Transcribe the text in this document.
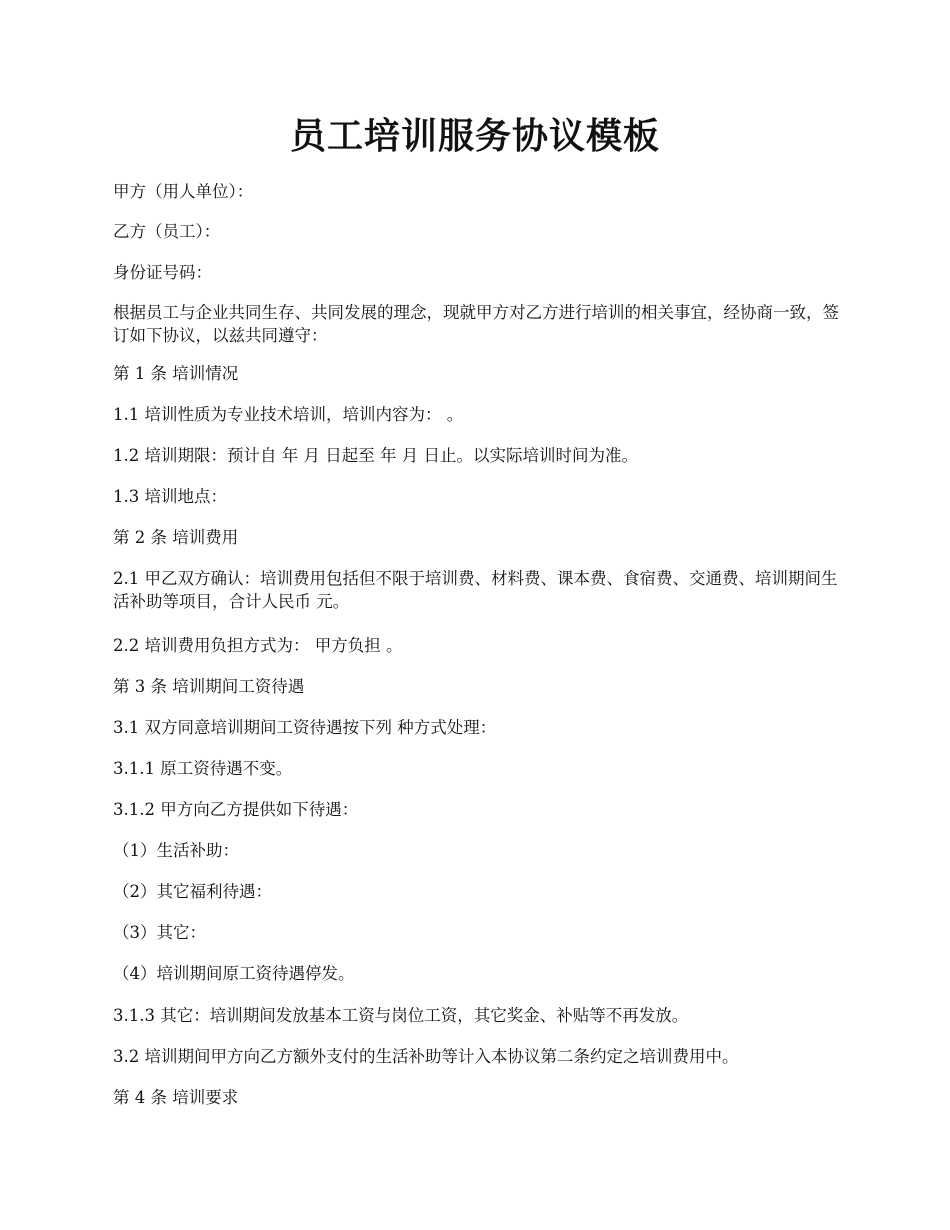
员工培训服务协议模板

甲方（用人单位）：

乙方（员工）：

身份证号码：

根据员工与企业共同生存、共同发展的理念，现就甲方对乙方进行培训的相关事宜，经协商一致，签订如下协议，以兹共同遵守：

第 1 条 培训情况

1.1 培训性质为专业技术培训，培训内容为： 。

1.2 培训期限：预计自 年 月 日起至 年 月 日止。以实际培训时间为准。

1.3 培训地点：

第 2 条 培训费用

2.1 甲乙双方确认：培训费用包括但不限于培训费、材料费、课本费、食宿费、交通费、培训期间生活补助等项目，合计人民币 元。

2.2 培训费用负担方式为： 甲方负担 。

第 3 条 培训期间工资待遇

3.1 双方同意培训期间工资待遇按下列 种方式处理：

3.1.1 原工资待遇不变。

3.1.2 甲方向乙方提供如下待遇：

（1）生活补助：

（2）其它福利待遇：

（3）其它：

（4）培训期间原工资待遇停发。

3.1.3 其它：培训期间发放基本工资与岗位工资，其它奖金、补贴等不再发放。

3.2 培训期间甲方向乙方额外支付的生活补助等计入本协议第二条约定之培训费用中。

第 4 条 培训要求
